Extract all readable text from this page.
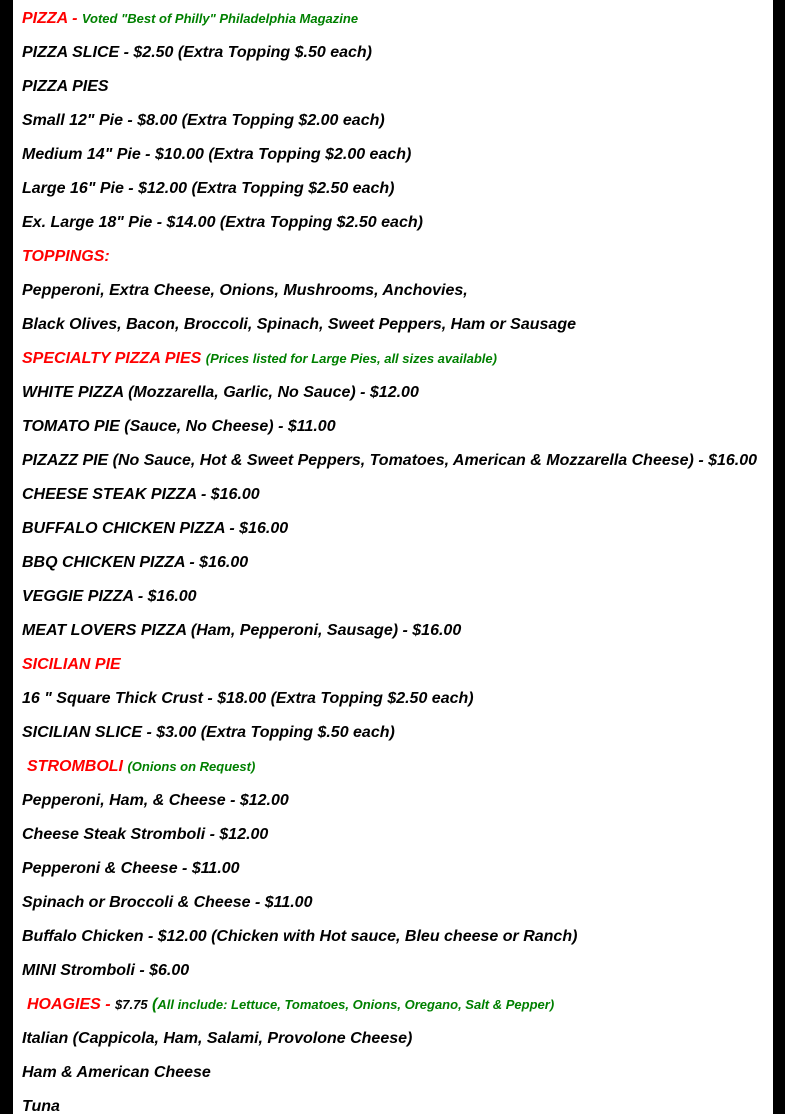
PIZZA - Voted "Best of Philly" Philadelphia Magazine
PIZZA SLICE - $2.50 (Extra Topping $.50 each)
PIZZA PIES
Small 12" Pie - $8.00 (Extra Topping $2.00 each)
Medium 14" Pie - $10.00 (Extra Topping $2.00 each)
Large 16" Pie - $12.00 (Extra Topping $2.50 each)
Ex. Large 18" Pie - $14.00 (Extra Topping $2.50 each)
TOPPINGS:
Pepperoni, Extra Cheese, Onions, Mushrooms, Anchovies,
Black Olives, Bacon, Broccoli, Spinach, Sweet Peppers, Ham or Sausage
SPECIALTY PIZZA PIES (Prices listed for Large Pies, all sizes available)
WHITE PIZZA (Mozzarella, Garlic, No Sauce) - $12.00
TOMATO PIE (Sauce, No Cheese) - $11.00
PIZAZZ PIE (No Sauce, Hot & Sweet Peppers, Tomatoes, American & Mozzarella Cheese) - $16.00
CHEESE STEAK PIZZA - $16.00
BUFFALO CHICKEN PIZZA - $16.00
BBQ CHICKEN PIZZA - $16.00
VEGGIE PIZZA - $16.00
MEAT LOVERS PIZZA (Ham, Pepperoni, Sausage) - $16.00
SICILIAN PIE
16 " Square Thick Crust - $18.00 (Extra Topping $2.50 each)
SICILIAN SLICE - $3.00 (Extra Topping $.50 each)
STROMBOLI (Onions on Request)
Pepperoni, Ham, & Cheese - $12.00
Cheese Steak Stromboli - $12.00
Pepperoni & Cheese - $11.00
Spinach or Broccoli & Cheese - $11.00
Buffalo Chicken - $12.00 (Chicken with Hot sauce, Bleu cheese or Ranch)
MINI Stromboli - $6.00
HOAGIES - $7.75 (All include: Lettuce, Tomatoes, Onions, Oregano, Salt & Pepper)
Italian (Cappicola, Ham, Salami, Provolone Cheese)
Ham & American Cheese
Tuna
